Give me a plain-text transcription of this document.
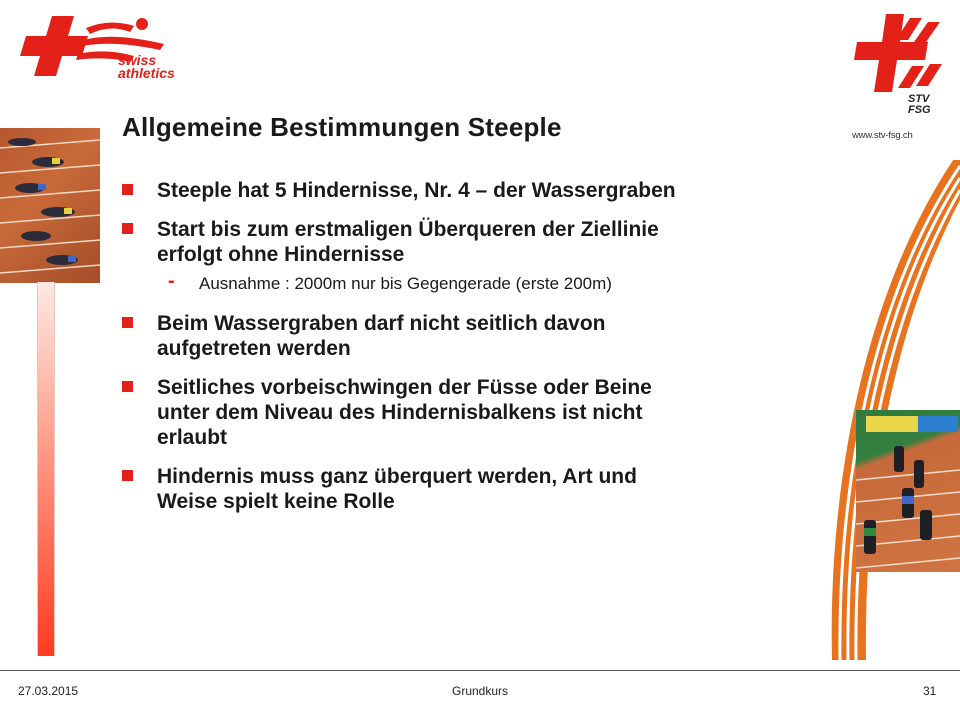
swiss
athletics
STV
FSG
www.stv-fsg.ch
Allgemeine Bestimmungen Steeple
Steeple hat 5 Hindernisse, Nr. 4 – der Wassergraben
Start bis zum erstmaligen Überqueren der Ziellinie
erfolgt ohne Hindernisse
- Ausnahme : 2000m nur bis Gegengerade (erste 200m)
Beim Wassergraben darf nicht seitlich davon
aufgetreten werden
Seitliches vorbeischwingen der Füsse oder Beine
unter dem Niveau des Hindernisbalkens ist nicht
erlaubt
Hindernis muss ganz überquert werden, Art und
Weise spielt keine Rolle
27.03.2015	Grundkurs	31
